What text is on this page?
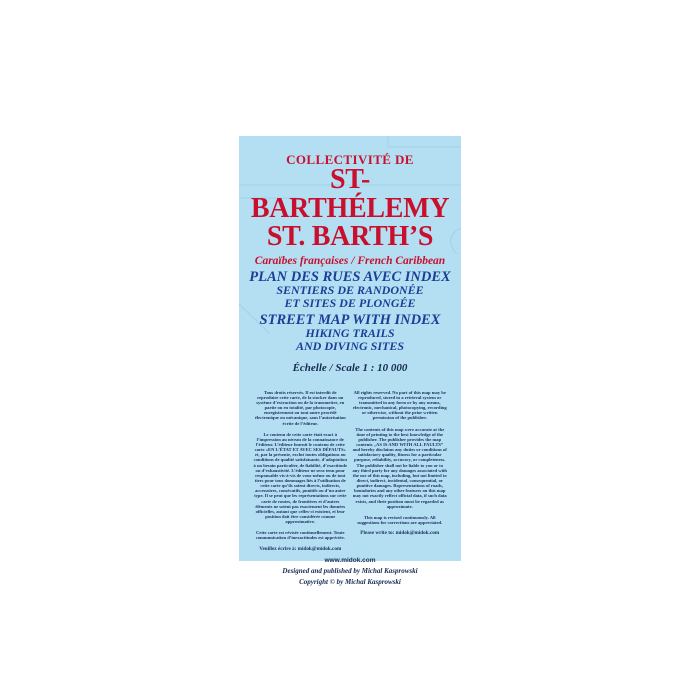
COLLECTIVITÉ DE
ST-BARTHÉLEMY
ST. BARTH’S
Caraïbes françaises / French Caribbean
PLAN DES RUES AVEC INDEX
SENTIERS DE RANDONÉE
ET SITES DE PLONGÉE
STREET MAP WITH INDEX
HIKING TRAILS
AND DIVING SITES
Échelle / Scale 1 : 10 000

Tous droits réservés. Il est interdit de reproduire cette carte, de la stocker dans un système d’extraction ou de la transmettre, en partie ou en totalité, par photocopie, enregistrement ou tout autre procédé électronique ou mécanique, sans l’autorisation écrite de l’éditeur.

Le contenu de cette carte était exact à l’impression au niveau de la connaissance de l’éditeur. L’éditeur fournit le contenu de cette carte «EN L’ÉTAT ET AVEC SES DÉFAUTS» et, par la présente, exclut toutes obligations ou conditions de qualité satisfaisante, d’adaptation à un besoin particulier, de fiabilité, d’exactitude ou d’exhaustivité. L’éditeur ne sera tenu pour responsable vis-à-vis de vous-même ou de tout tiers pour tous dommages liés à l’utilisation de cette carte qu’ils soient directs, indirects, accessoires, consécutifs, punitifs ou d’un autre type. Il se peut que les représentations sur cette carte de routes, de frontières et d’autres éléments ne soient pas exactement les données officielles, autant que celles-ci existent, et leur position doit être considérée comme approximative.

Cette carte est révisée continuellement. Toute communication d’inexactitudes est appréciée.

Veuillez écrire à: midok@midok.com

All rights reserved. No part of this map may be reproduced, stored in a retrieval system or transmitted in any form or by any means, electronic, mechanical, photocopying, recording or otherwise, without the prior written permission of the publisher.

The contents of this map were accurate at the time of printing to the best knowledge of the publisher. The publisher provides the map contents „AS IS AND WITH ALL FAULTS” and hereby disclaims any duties or conditions of satisfactory quality, fitness for a particular purpose, reliability, accuracy, or completeness. The publisher shall not be liable to you or to any third party for any damages associated with the use of this map, including, but not limited to direct, indirect, incidental, consequential, or punitive damages. Representations of roads, boundaries and any other features on this map may not exactly reflect official data, if such data exists, and their position must be regarded as approximate.

This map is revised continuously. All suggestions for corrections are appreciated.

Please write to: midok@midok.com
www.midok.com
Designed and published by Michal Kasprowski
Copyright © by Michal Kasprowski
